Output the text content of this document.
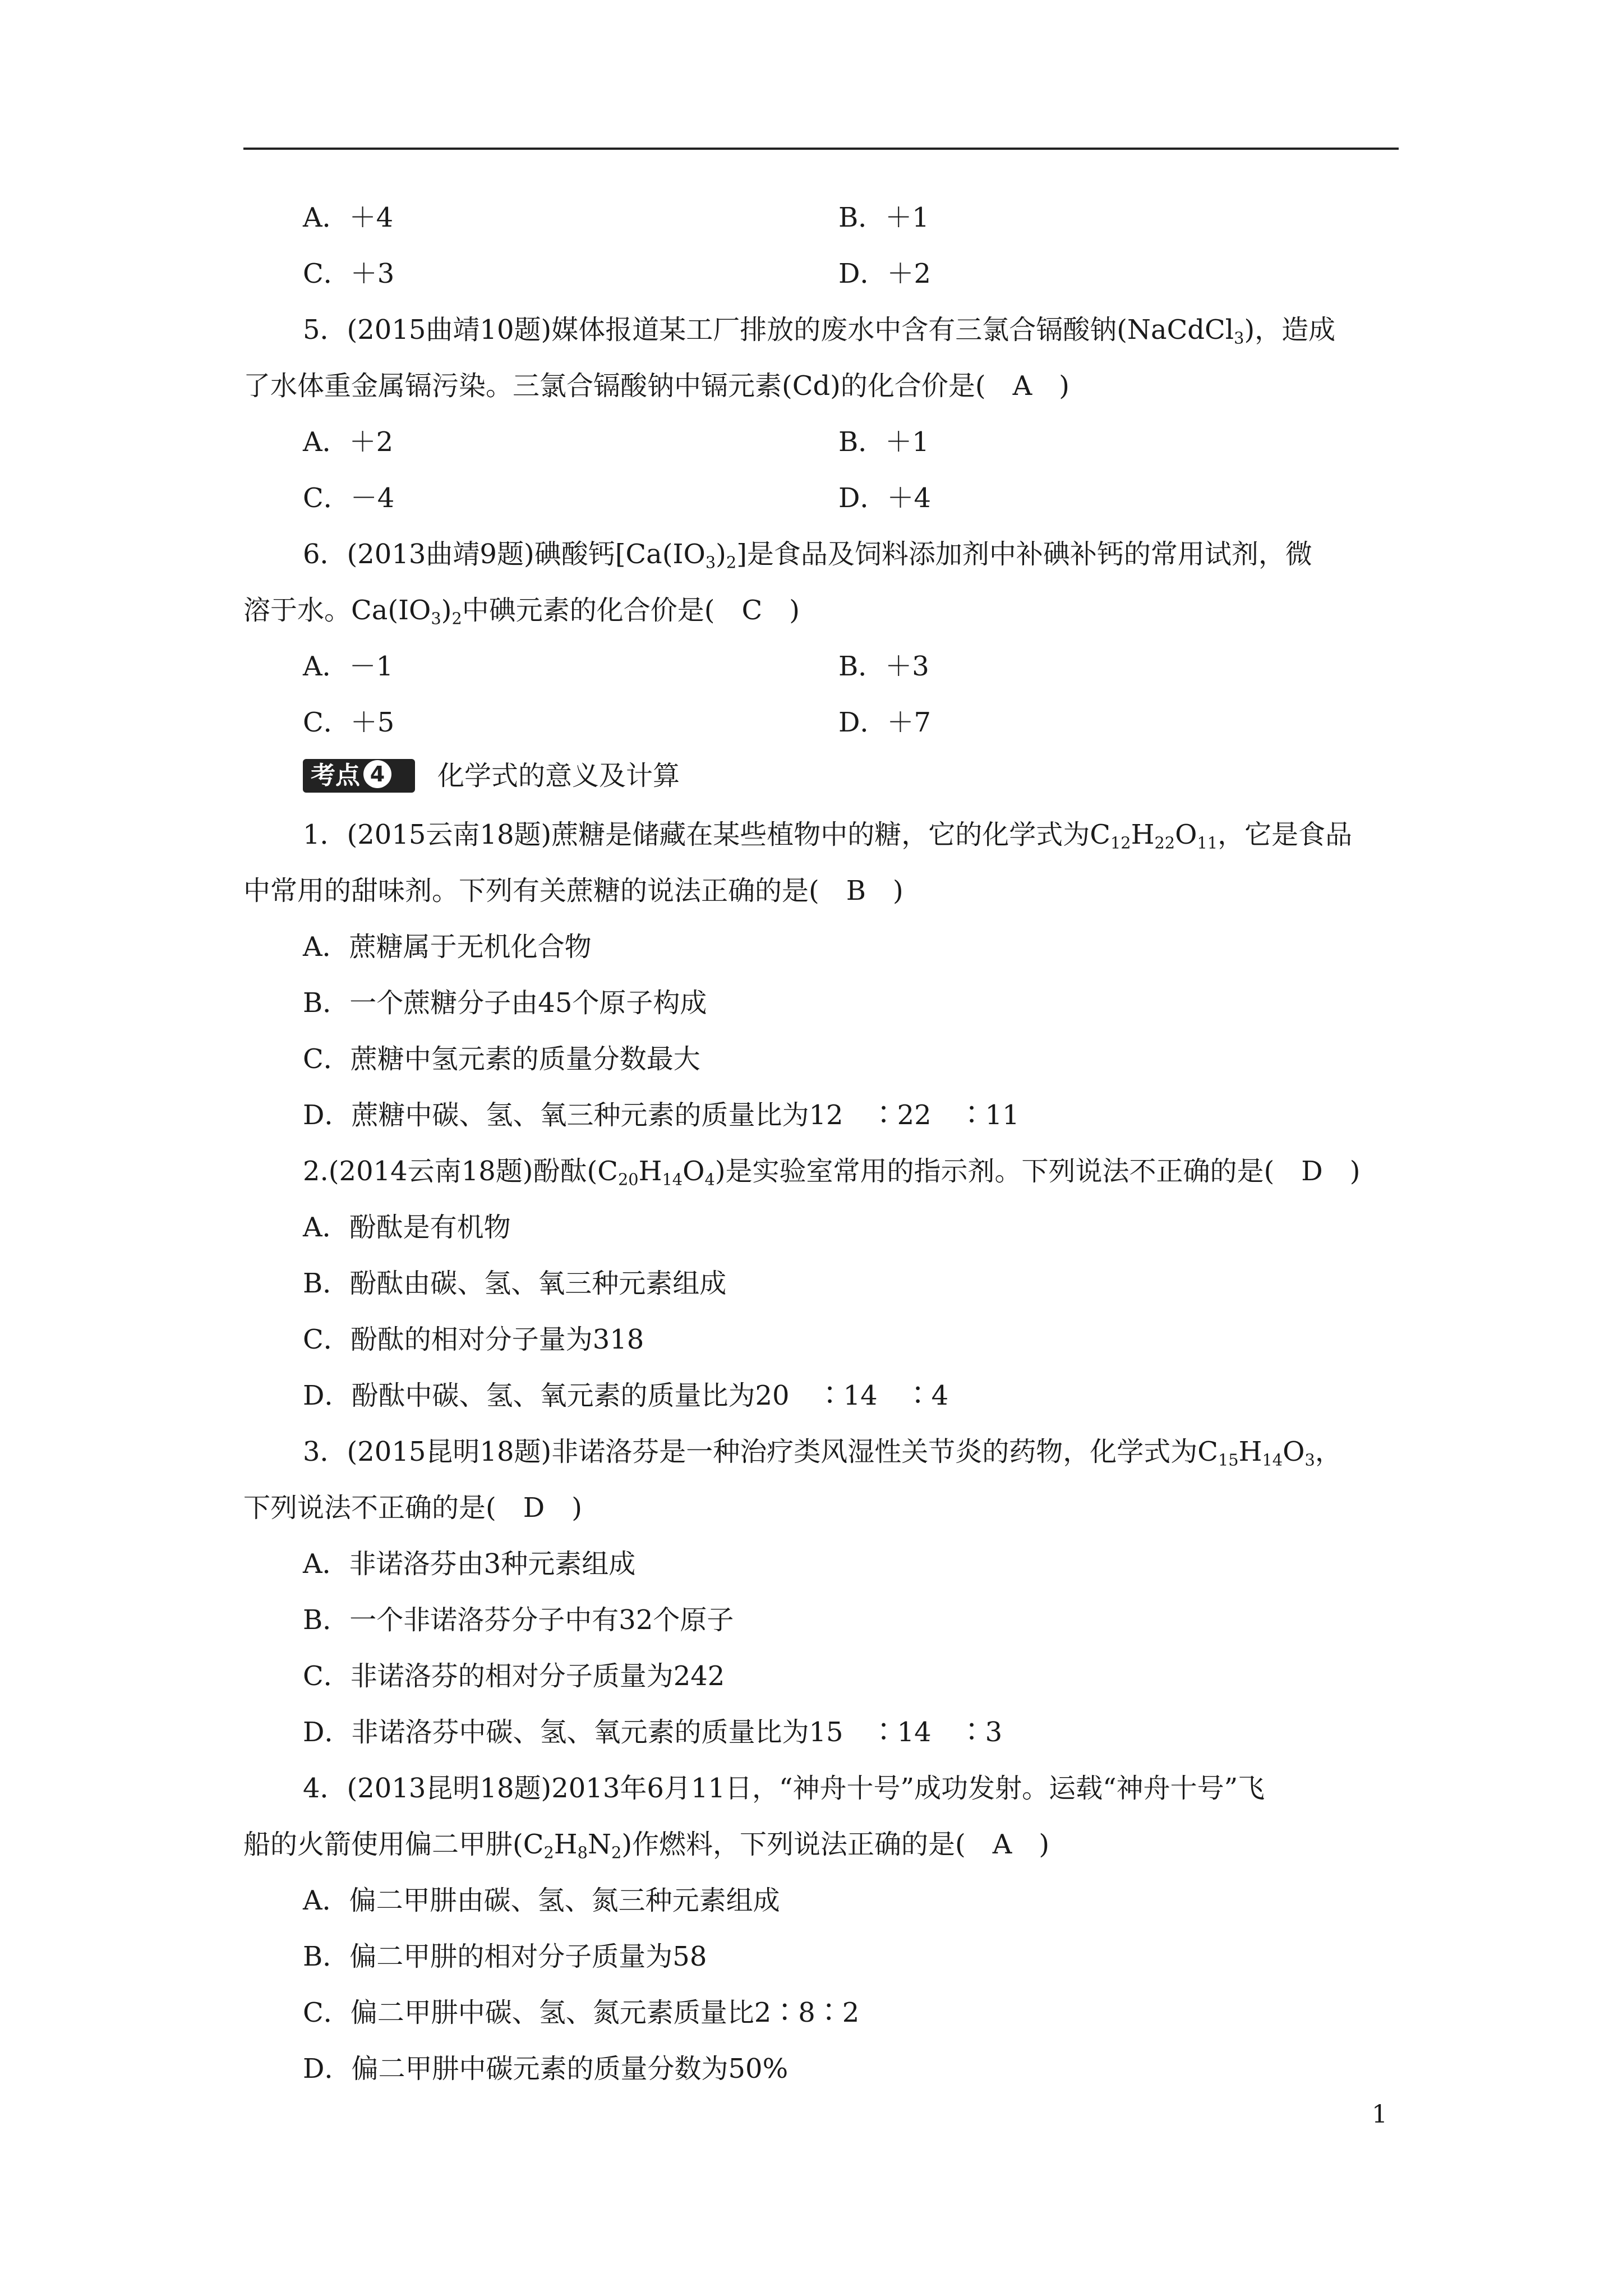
A．＋4	B．＋1
C．＋3	D．＋2
5．(2015曲靖10题)媒体报道某工厂排放的废水中含有三氯合镉酸钠(NaCdCl$_3$)，造成
了水体重金属镉污染。三氯合镉酸钠中镉元素(Cd)的化合价是(　A　)
A．＋2	B．＋1
C．－4	D．＋4
6．(2013曲靖9题)碘酸钙$[Ca(IO_3)_2]$是食品及饲料添加剂中补碘补钙的常用试剂，微
溶于水。$Ca(IO_3)_2$中碘元素的化合价是(　C　)
A．－1	B．＋3
C．＋5	D．＋7
考点 4	化学式的意义及计算
1．(2015云南18题)蔗糖是储藏在某些植物中的糖，它的化学式为$C_{12}H_{22}O_{11}$，它是食品
中常用的甜味剂。下列有关蔗糖的说法正确的是(　B　)
A．蔗糖属于无机化合物
B．一个蔗糖分子由45个原子构成
C．蔗糖中氢元素的质量分数最大
D．蔗糖中碳、氢、氧三种元素的质量比为12　∶22　∶11
2.(2014云南18题)酚酞$(C_{20}H_{14}O_4)$是实验室常用的指示剂。下列说法不正确的是(　D　)
A．酚酞是有机物
B．酚酞由碳、氢、氧三种元素组成
C．酚酞的相对分子量为318
D．酚酞中碳、氢、氧元素的质量比为20　∶14　∶4
3．(2015昆明18题)非诺洛芬是一种治疗类风湿性关节炎的药物，化学式为$C_{15}H_{14}O_3$，
下列说法不正确的是(　D　)
A．非诺洛芬由3种元素组成
B．一个非诺洛芬分子中有32个原子
C．非诺洛芬的相对分子质量为242
D．非诺洛芬中碳、氢、氧元素的质量比为15　∶14　∶3
4．(2013昆明18题)2013年6月11日，“神舟十号”成功发射。运载“神舟十号”飞
船的火箭使用偏二甲肼$(C_2H_8N_2)$作燃料，下列说法正确的是(　A　)
A．偏二甲肼由碳、氢、氮三种元素组成
B．偏二甲肼的相对分子质量为58
C．偏二甲肼中碳、氢、氮元素质量比2∶8∶2
D．偏二甲肼中碳元素的质量分数为50%
1
